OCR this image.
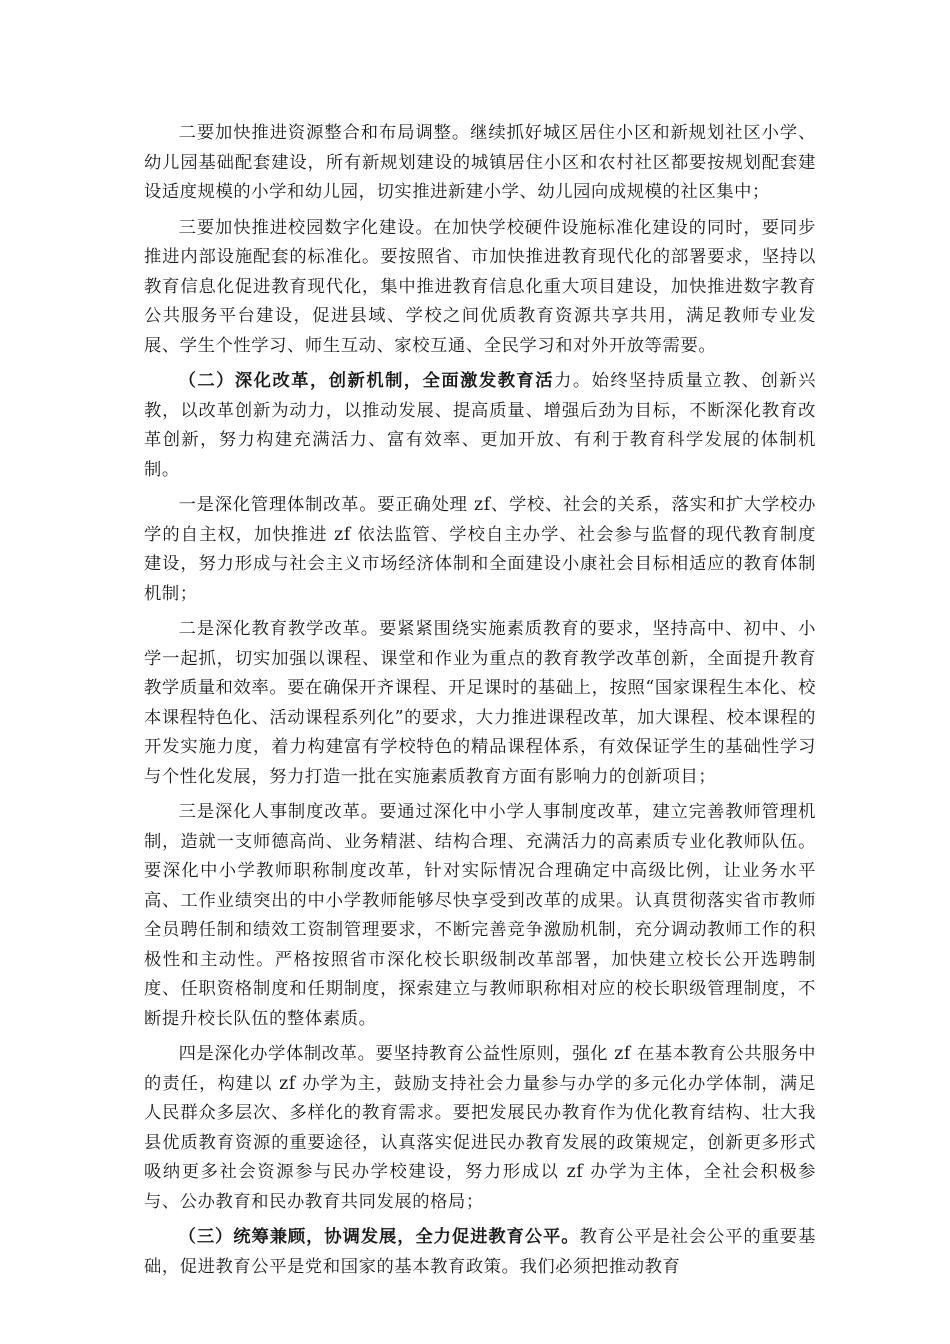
二要加快推进资源整合和布局调整。继续抓好城区居住小区和新规划社区小学、幼儿园基础配套建设，所有新规划建设的城镇居住小区和农村社区都要按规划配套建设适度规模的小学和幼儿园，切实推进新建小学、幼儿园向成规模的社区集中；

三要加快推进校园数字化建设。在加快学校硬件设施标准化建设的同时，要同步推进内部设施配套的标准化。要按照省、市加快推进教育现代化的部署要求，坚持以教育信息化促进教育现代化，集中推进教育信息化重大项目建设，加快推进数字教育公共服务平台建设，促进县域、学校之间优质教育资源共享共用，满足教师专业发展、学生个性学习、师生互动、家校互通、全民学习和对外开放等需要。

（二）深化改革，创新机制，全面激发教育活力。始终坚持质量立教、创新兴教，以改革创新为动力，以推动发展、提高质量、增强后劲为目标，不断深化教育改革创新，努力构建充满活力、富有效率、更加开放、有利于教育科学发展的体制机制。

一是深化管理体制改革。要正确处理 zf、学校、社会的关系，落实和扩大学校办学的自主权，加快推进 zf 依法监管、学校自主办学、社会参与监督的现代教育制度建设，努力形成与社会主义市场经济体制和全面建设小康社会目标相适应的教育体制机制；

二是深化教育教学改革。要紧紧围绕实施素质教育的要求，坚持高中、初中、小学一起抓，切实加强以课程、课堂和作业为重点的教育教学改革创新，全面提升教育教学质量和效率。要在确保开齐课程、开足课时的基础上，按照“国家课程生本化、校本课程特色化、活动课程系列化”的要求，大力推进课程改革，加大课程、校本课程的开发实施力度，着力构建富有学校特色的精品课程体系，有效保证学生的基础性学习与个性化发展，努力打造一批在实施素质教育方面有影响力的创新项目；

三是深化人事制度改革。要通过深化中小学人事制度改革，建立完善教师管理机制，造就一支师德高尚、业务精湛、结构合理、充满活力的高素质专业化教师队伍。要深化中小学教师职称制度改革，针对实际情况合理确定中高级比例，让业务水平高、工作业绩突出的中小学教师能够尽快享受到改革的成果。认真贯彻落实省市教师全员聘任制和绩效工资制管理要求，不断完善竞争激励机制，充分调动教师工作的积极性和主动性。严格按照省市深化校长职级制改革部署，加快建立校长公开选聘制度、任职资格制度和任期制度，探索建立与教师职称相对应的校长职级管理制度，不断提升校长队伍的整体素质。

四是深化办学体制改革。要坚持教育公益性原则，强化 zf 在基本教育公共服务中的责任，构建以 zf 办学为主，鼓励支持社会力量参与办学的多元化办学体制，满足人民群众多层次、多样化的教育需求。要把发展民办教育作为优化教育结构、壮大我县优质教育资源的重要途径，认真落实促进民办教育发展的政策规定，创新更多形式吸纳更多社会资源参与民办学校建设，努力形成以 zf 办学为主体，全社会积极参与、公办教育和民办教育共同发展的格局；

（三）统筹兼顾，协调发展，全力促进教育公平。教育公平是社会公平的重要基础，促进教育公平是党和国家的基本教育政策。我们必须把推动教育
